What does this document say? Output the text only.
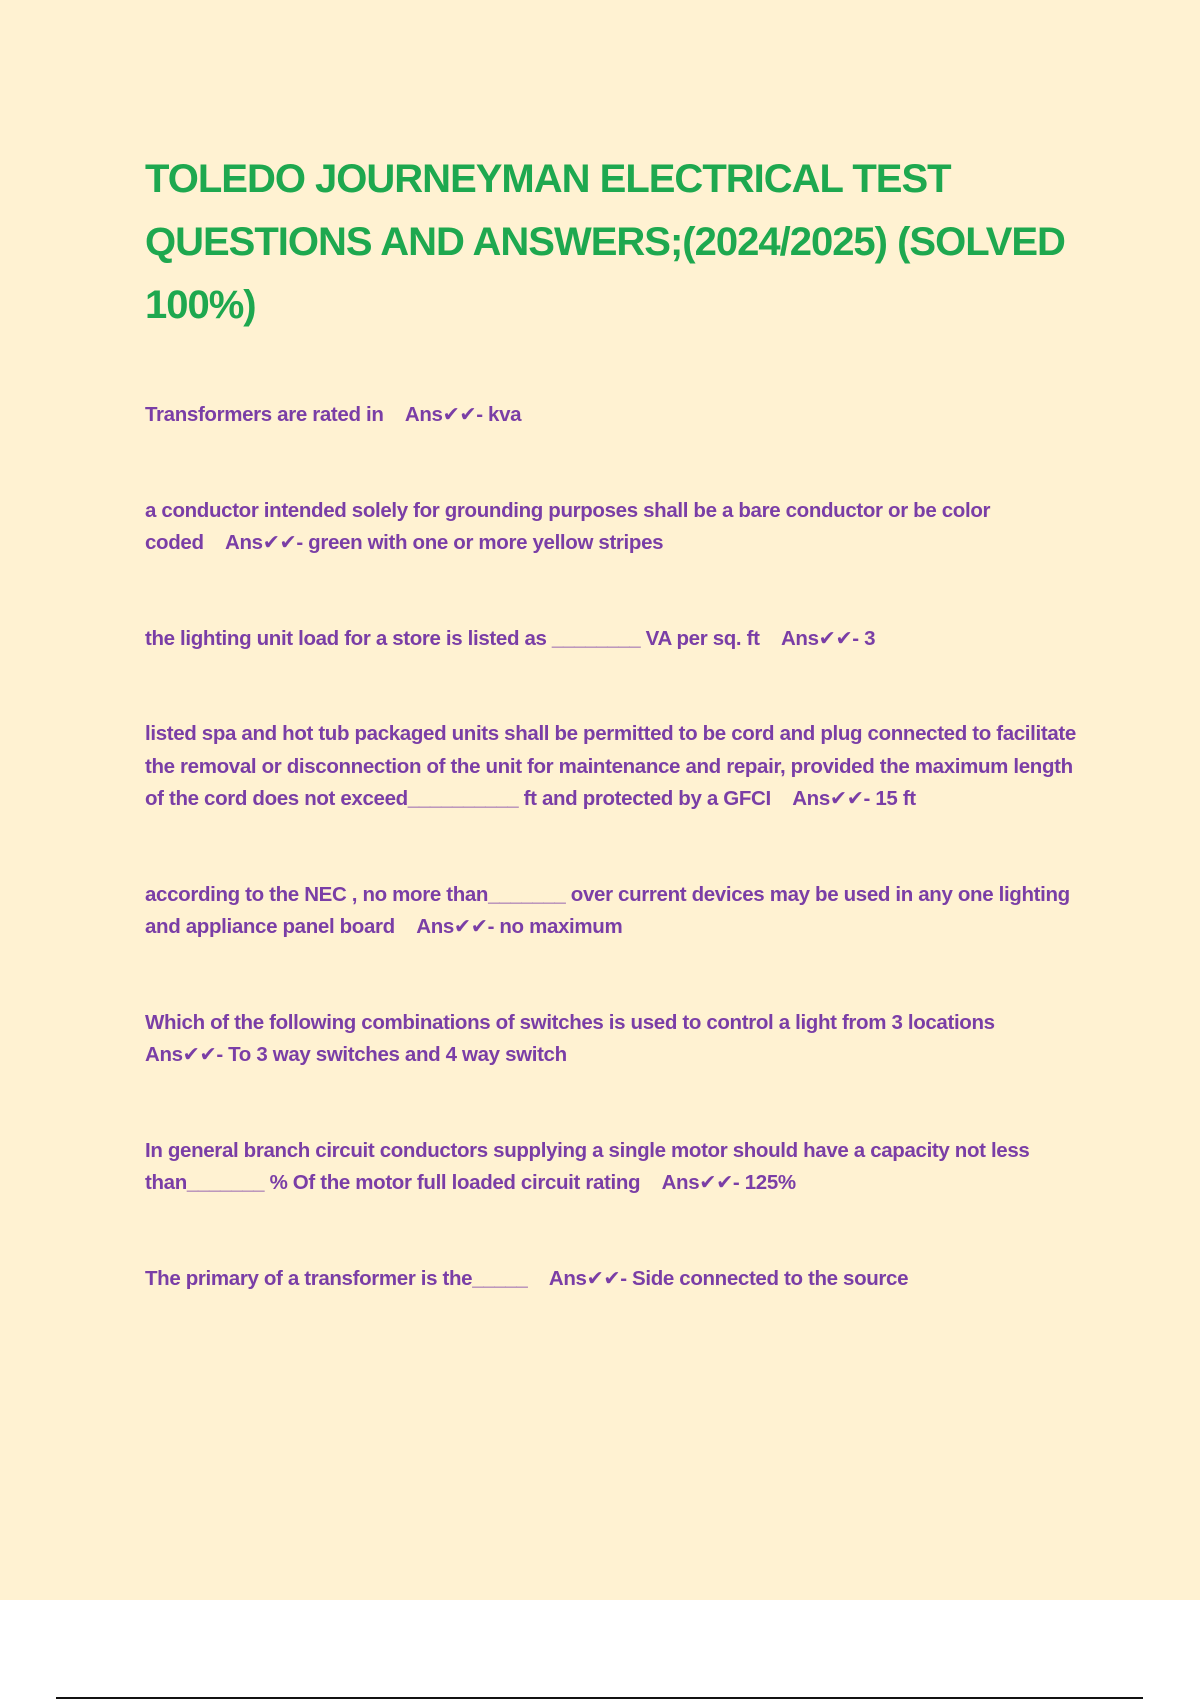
TOLEDO JOURNEYMAN ELECTRICAL TEST QUESTIONS AND ANSWERS;(2024/2025) (SOLVED 100%)

Transformers are rated in Ans✔✔- kva

a conductor intended solely for grounding purposes shall be a bare conductor or be color coded Ans✔✔- green with one or more yellow stripes

the lighting unit load for a store is listed as ________ VA per sq. ft Ans✔✔- 3

listed spa and hot tub packaged units shall be permitted to be cord and plug connected to facilitate the removal or disconnection of the unit for maintenance and repair, provided the maximum length of the cord does not exceed__________ ft and protected by a GFCI Ans✔✔- 15 ft

according to the NEC , no more than_______ over current devices may be used in any one lighting and appliance panel board Ans✔✔- no maximum

Which of the following combinations of switches is used to control a light from 3 locations
Ans✔✔- To 3 way switches and 4 way switch

In general branch circuit conductors supplying a single motor should have a capacity not less than_______ % Of the motor full loaded circuit rating Ans✔✔- 125%

The primary of a transformer is the_____ Ans✔✔- Side connected to the source
